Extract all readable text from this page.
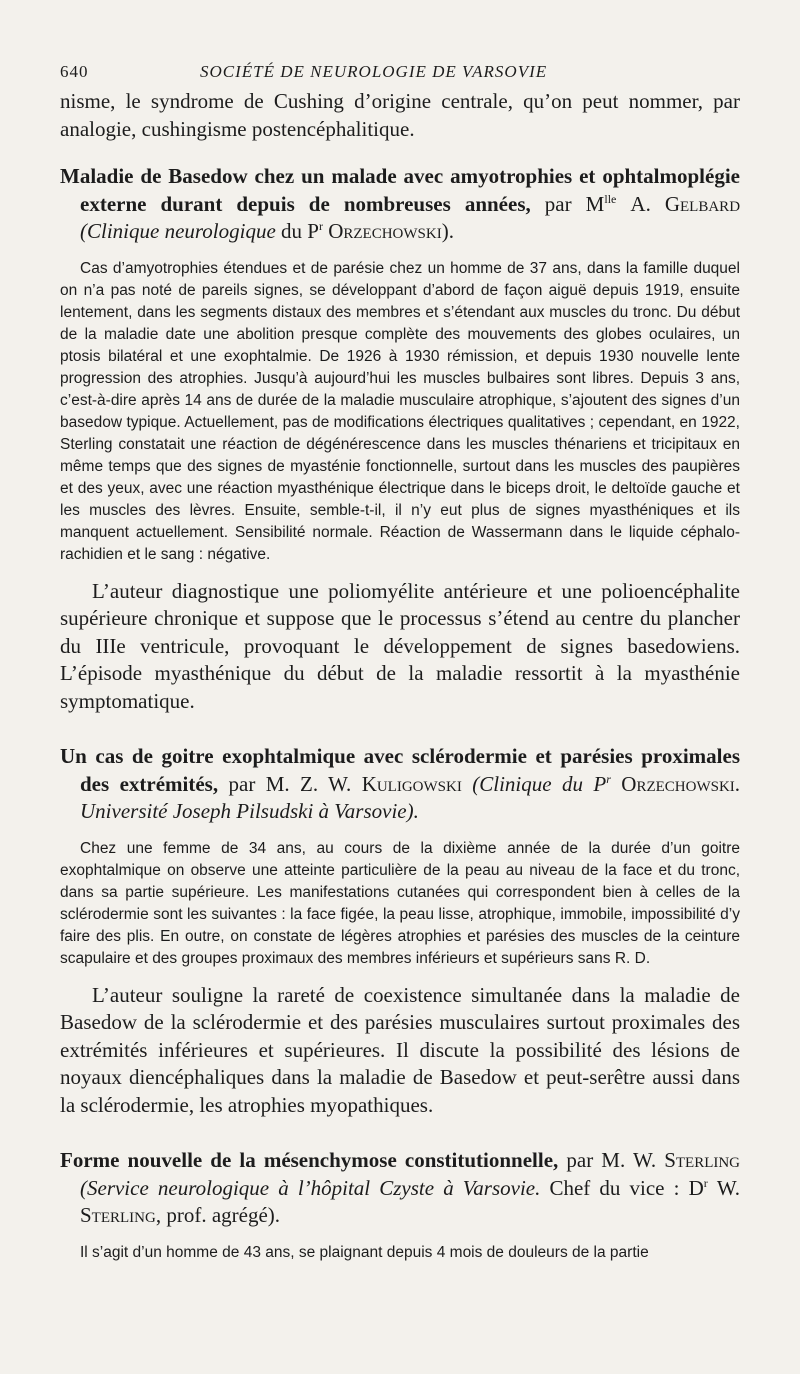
640	SOCIÉTÉ DE NEUROLOGIE DE VARSOVIE

nisme, le syndrome de Cushing d’origine centrale, qu’on peut nommer, par analogie, cushingisme postencéphalitique.

Maladie de Basedow chez un malade avec amyotrophies et ophtalmoplégie externe durant depuis de nombreuses années, par $M^{lle}$ A. Gelbard (Clinique neurologique du $P^r$ Orzechowski).

Cas d’amyotrophies étendues et de parésie chez un homme de 37 ans, dans la famille duquel on n’a pas noté de pareils signes, se développant d’abord de façon aiguë depuis 1919, ensuite lentement, dans les segments distaux des membres et s’étendant aux muscles du tronc. Du début de la maladie date une abolition presque complète des mouvements des globes oculaires, un ptosis bilatéral et une exophtalmie. De 1926 à 1930 rémission, et depuis 1930 nouvelle lente progression des atrophies. Jusqu’à aujourd’hui les muscles bulbaires sont libres. Depuis 3 ans, c’est-à-dire après 14 ans de durée de la maladie musculaire atrophique, s’ajoutent des signes d’un basedow typique. Actuellement, pas de modifications électriques qualitatives ; cependant, en 1922, Sterling constatait une réaction de dégénérescence dans les muscles thénariens et tricipitaux en même temps que des signes de myasténie fonctionnelle, surtout dans les muscles des paupières et des yeux, avec une réaction myasthénique électrique dans le biceps droit, le deltoïde gauche et les muscles des lèvres. Ensuite, semble-t-il, il n’y eut plus de signes myasthéniques et ils manquent actuellement. Sensibilité normale. Réaction de Wassermann dans le liquide céphalo-rachidien et le sang : négative.

L’auteur diagnostique une poliomyélite antérieure et une polioencéphalite supérieure chronique et suppose que le processus s’étend au centre du plancher du IIIe ventricule, provoquant le développement de signes basedowiens. L’épisode myasthénique du début de la maladie ressortit à la myasthénie symptomatique.

Un cas de goitre exophtalmique avec sclérodermie et parésies proximales des extrémités, par M. Z. W. Kuligowski (Clinique du $P^r$ Orzechowski. Université Joseph Pilsudski à Varsovie).

Chez une femme de 34 ans, au cours de la dixième année de la durée d’un goitre exophtalmique on observe une atteinte particulière de la peau au niveau de la face et du tronc, dans sa partie supérieure. Les manifestations cutanées qui correspondent bien à celles de la sclérodermie sont les suivantes : la face figée, la peau lisse, atrophique, immobile, impossibilité d’y faire des plis. En outre, on constate de légères atrophies et parésies des muscles de la ceinture scapulaire et des groupes proximaux des membres inférieurs et supérieurs sans R. D.

L’auteur souligne la rareté de coexistence simultanée dans la maladie de Basedow de la sclérodermie et des parésies musculaires surtout proximales des extrémités inférieures et supérieures. Il discute la possibilité des lésions de noyaux diencéphaliques dans la maladie de Basedow et peut-serêtre aussi dans la sclérodermie, les atrophies myopathiques.

Forme nouvelle de la mésenchymose constitutionnelle, par M. W. Sterling (Service neurologique à l’hôpital Czyste à Varsovie. Chef du vice : $D^r$ W. Sterling, prof. agrégé).

Il s’agit d’un homme de 43 ans, se plaignant depuis 4 mois de douleurs de la partie
